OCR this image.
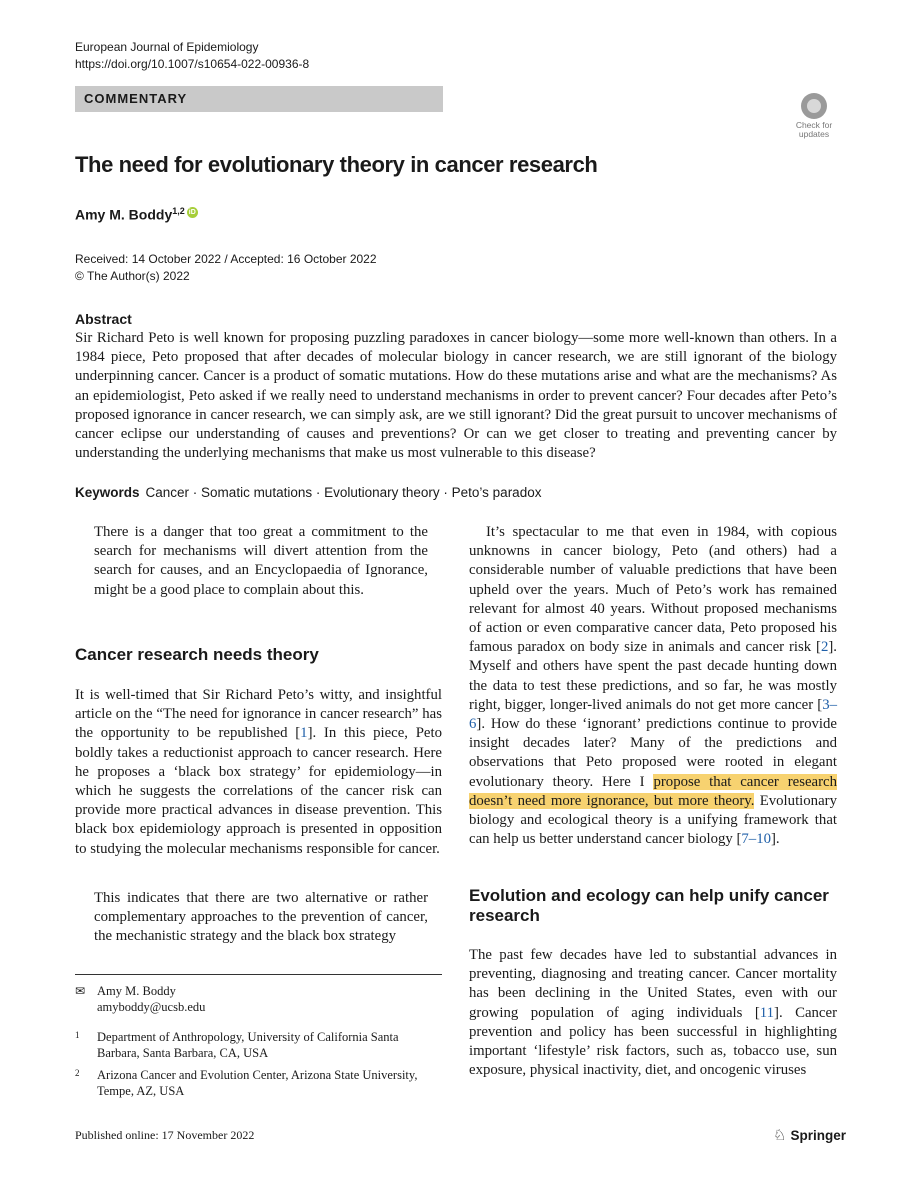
European Journal of Epidemiology
https://doi.org/10.1007/s10654-022-00936-8
COMMENTARY
Check for
updates
The need for evolutionary theory in cancer research
Amy M. Boddy$^{1,2}$ iD
Received: 14 October 2022 / Accepted: 16 October 2022
© The Author(s) 2022
Abstract
Sir Richard Peto is well known for proposing puzzling paradoxes in cancer biology—some more well-known than others. In a 1984 piece, Peto proposed that after decades of molecular biology in cancer research, we are still ignorant of the biology underpinning cancer. Cancer is a product of somatic mutations. How do these mutations arise and what are the mechanisms? As an epidemiologist, Peto asked if we really need to understand mechanisms in order to prevent cancer? Four decades after Peto’s proposed ignorance in cancer research, we can simply ask, are we still ignorant? Did the great pursuit to uncover mechanisms of cancer eclipse our understanding of causes and preventions? Or can we get closer to treating and preventing cancer by understanding the underlying mechanisms that make us most vulnerable to this disease?
Keywords Cancer · Somatic mutations · Evolutionary theory · Peto’s paradox
There is a danger that too great a commitment to the search for mechanisms will divert attention from the search for causes, and an Encyclopaedia of Ignorance, might be a good place to complain about this.
Cancer research needs theory
It is well-timed that Sir Richard Peto’s witty, and insightful article on the “The need for ignorance in cancer research” has the opportunity to be republished [1]. In this piece, Peto boldly takes a reductionist approach to cancer research. Here he proposes a ‘black box strategy’ for epidemiology—in which he suggests the correlations of the cancer risk can provide more practical advances in disease prevention. This black box epidemiology approach is presented in opposition to studying the molecular mechanisms responsible for cancer.
This indicates that there are two alternative or rather complementary approaches to the prevention of cancer, the mechanistic strategy and the black box strategy
✉ Amy M. Boddy
amyboddy@ucsb.edu
1 Department of Anthropology, University of California Santa Barbara, Santa Barbara, CA, USA
2 Arizona Cancer and Evolution Center, Arizona State University, Tempe, AZ, USA

It’s spectacular to me that even in 1984, with copious unknowns in cancer biology, Peto (and others) had a considerable number of valuable predictions that have been upheld over the years. Much of Peto’s work has remained relevant for almost 40 years. Without proposed mechanisms of action or even comparative cancer data, Peto proposed his famous paradox on body size in animals and cancer risk [2]. Myself and others have spent the past decade hunting down the data to test these predictions, and so far, he was mostly right, bigger, longer-lived animals do not get more cancer [3–6]. How do these ‘ignorant’ predictions continue to provide insight decades later? Many of the predictions and observations that Peto proposed were rooted in elegant evolutionary theory. Here I propose that cancer research doesn’t need more ignorance, but more theory. Evolutionary biology and ecological theory is a unifying framework that can help us better understand cancer biology [7–10].

Evolution and ecology can help unify cancer research
The past few decades have led to substantial advances in preventing, diagnosing and treating cancer. Cancer mortality has been declining in the United States, even with our growing population of aging individuals [11]. Cancer prevention and policy has been successful in highlighting important ‘lifestyle’ risk factors, such as, tobacco use, sun exposure, physical inactivity, diet, and oncogenic viruses
Published online: 17 November 2022	♘ Springer
